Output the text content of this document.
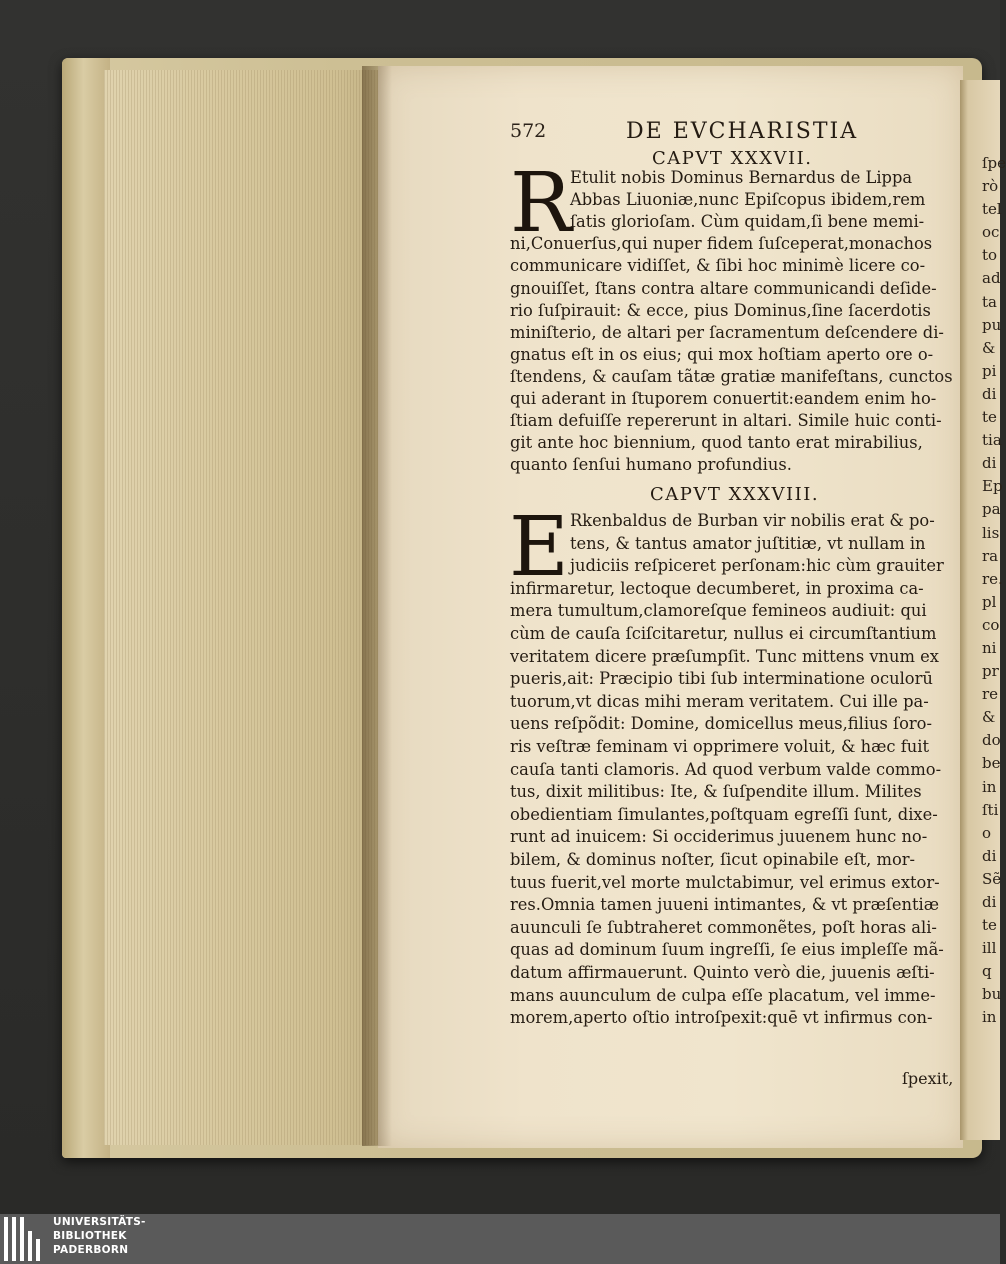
ſpe
rò
tel
oc
to
ad
ta
pu
&
pi
di
te
tia
di
Ep
pa
lis
ra
re.
pl
co
ni
pr
re
&
do
be
in
ſti
o
di
Sẽ
di
te
ill
q
bu
in
572	DE EVCHARISTIA
CAPVT XXXVII.
R
Etulit nobis Dominus Bernardus de Lippa
Abbas Liuoniæ,nunc Epiſcopus ibidem,rem
ſatis glorioſam. Cùm quidam,ſi bene memi-
ni,Conuerſus,qui nuper fidem ſuſceperat,monachos
communicare vidiſſet, & ſibi hoc minimè licere co-
gnouiſſet, ſtans contra altare communicandi deſide-
rio ſuſpirauit: & ecce, pius Dominus,ſine ſacerdotis
miniſterio, de altari per ſacramentum deſcendere di-
gnatus eſt in os eius; qui mox hoſtiam aperto ore o-
ſtendens, & cauſam tãtæ gratiæ manifeſtans, cunctos
qui aderant in ſtuporem conuertit:eandem enim ho-
ſtiam defuiſſe repererunt in altari. Simile huic conti-
git ante hoc biennium, quod tanto erat mirabilius,
quanto ſenſui humano profundius.
CAPVT XXXVIII.
E Rkenbaldus de Burban vir nobilis erat & po-
tens, & tantus amator juſtitiæ, vt nullam in
judiciis reſpiceret perſonam:hic cùm grauiter
infirmaretur, lectoque decumberet, in proxima ca-
mera tumultum,clamoreſque femineos audiuit: qui
cùm de cauſa ſciſcitaretur, nullus ei circumſtantium
veritatem dicere præſumpſit. Tunc mittens vnum ex
pueris,ait: Præcipio tibi ſub interminatione oculorū
tuorum,vt dicas mihi meram veritatem. Cui ille pa-
uens reſpõdit: Domine, domicellus meus,filius ſoro-
ris veſtræ feminam vi opprimere voluit, & hæc fuit
cauſa tanti clamoris. Ad quod verbum valde commo-
tus, dixit militibus: Ite, & ſuſpendite illum. Milites
obedientiam ſimulantes,poſtquam egreſſi ſunt, dixe-
runt ad inuicem: Si occiderimus juuenem hunc no-
bilem, & dominus noſter, ſicut opinabile eſt, mor-
tuus fuerit,vel morte mulctabimur, vel erimus extor-
res.Omnia tamen juueni intimantes, & vt præſentiæ
auunculi ſe ſubtraheret commonẽtes, poſt horas ali-
quas ad dominum ſuum ingreſſi, ſe eius impleſſe mã-
datum affirmauerunt. Quinto verò die, juuenis æſti-
mans auunculum de culpa eſſe placatum, vel imme-
morem,aperto oſtio introſpexit:quē vt infirmus con-
ſpexit,
UNIVERSITÄTS-
BIBLIOTHEK
PADERBORN
